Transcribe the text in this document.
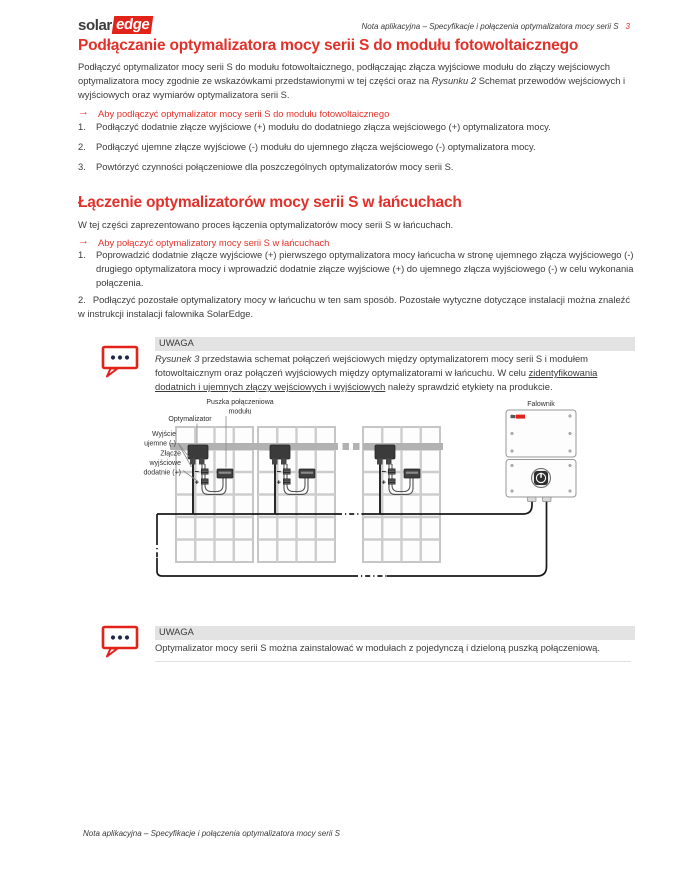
solar edge	Nota aplikacyjna – Specyfikacje i połączenia optymalizatora mocy serii S 3
Podłączanie optymalizatora mocy serii S do modułu fotowoltaicznego

Podłączyć optymalizator mocy serii S do modułu fotowoltaicznego, podłączając złącza wyjściowe modułu do złączy wejściowych optymalizatora mocy zgodnie ze wskazówkami przedstawionymi w tej części oraz na Rysunku 2 Schemat przewodów wejściowych i wyjściowych oraz wymiarów optymalizatora serii S.

→ Aby podłączyć optymalizator mocy serii S do modułu fotowoltaicznego
1. Podłączyć dodatnie złącze wyjściowe (+) modułu do dodatniego złącza wejściowego (+) optymalizatora mocy.
2. Podłączyć ujemne złącze wyjściowe (-) modułu do ujemnego złącza wejściowego (-) optymalizatora mocy.
3. Powtórzyć czynności połączeniowe dla poszczególnych optymalizatorów mocy serii S.
Łączenie optymalizatorów mocy serii S w łańcuchach

W tej części zaprezentowano proces łączenia optymalizatorów mocy serii S w łańcuchach.

→ Aby połączyć optymalizatory mocy serii S w łańcuchach
1. Poprowadzić dodatnie złącze wyjściowe (+) pierwszego optymalizatora mocy łańcucha w stronę ujemnego złącza wyjściowego (-) drugiego optymalizatora mocy i wprowadzić dodatnie złącze wyjściowe (+) do ujemnego złącza wyjściowego (-) w celu wykonania połączenia.
2. Podłączyć pozostałe optymalizatory mocy w łańcuchu w ten sam sposób. Pozostałe wytyczne dotyczące instalacji można znaleźć w instrukcji instalacji falownika SolarEdge.
UWAGA

Rysunek 3 przedstawia schemat połączeń wejściowych między optymalizatorem mocy serii S i modułem fotowoltaicznym oraz połączeń wyjściowych między optymalizatorami w łańcuchu. W celu zidentyfikowania dodatnich i ujemnych złączy wejściowych i wyjściowych należy sprawdzić etykiety na produkcie.

−
+
Falownik
Optymalizator
Puszka połączeniowa
modułu
Wyjście
ujemne (-)
Złącze
wyjściowe
dodatnie (+)
UWAGA

Optymalizator mocy serii S można zainstalować w modułach z pojedynczą i dzieloną puszką połączeniową.

Nota aplikacyjna – Specyfikacje i połączenia optymalizatora mocy serii S
